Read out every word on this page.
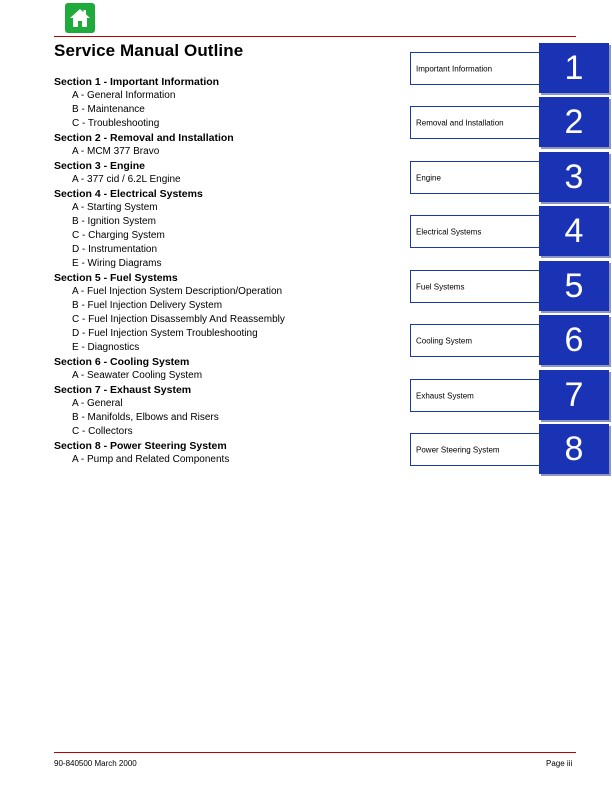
Service Manual Outline
Section 1 - Important Information
A - General Information
B - Maintenance
C - Troubleshooting
Section 2 - Removal and Installation
A - MCM 377 Bravo
Section 3 - Engine
A - 377 cid / 6.2L Engine
Section 4 - Electrical Systems
A - Starting System
B - Ignition System
C - Charging System
D - Instrumentation
E - Wiring Diagrams
Section 5 - Fuel Systems
A - Fuel Injection System Description/Operation
B - Fuel Injection Delivery System
C - Fuel Injection Disassembly And Reassembly
D - Fuel Injection System Troubleshooting
E - Diagnostics
Section 6 - Cooling System
A - Seawater Cooling System
Section 7 - Exhaust System
A - General
B - Manifolds, Elbows and Risers
C - Collectors
Section 8 - Power Steering System
A - Pump and Related Components
Important Information	1
Removal and Installation	2
Engine	3
Electrical Systems	4
Fuel Systems	5
Cooling System	6
Exhaust System	7
Power Steering System	8
90-840500 March 2000	Page iii
